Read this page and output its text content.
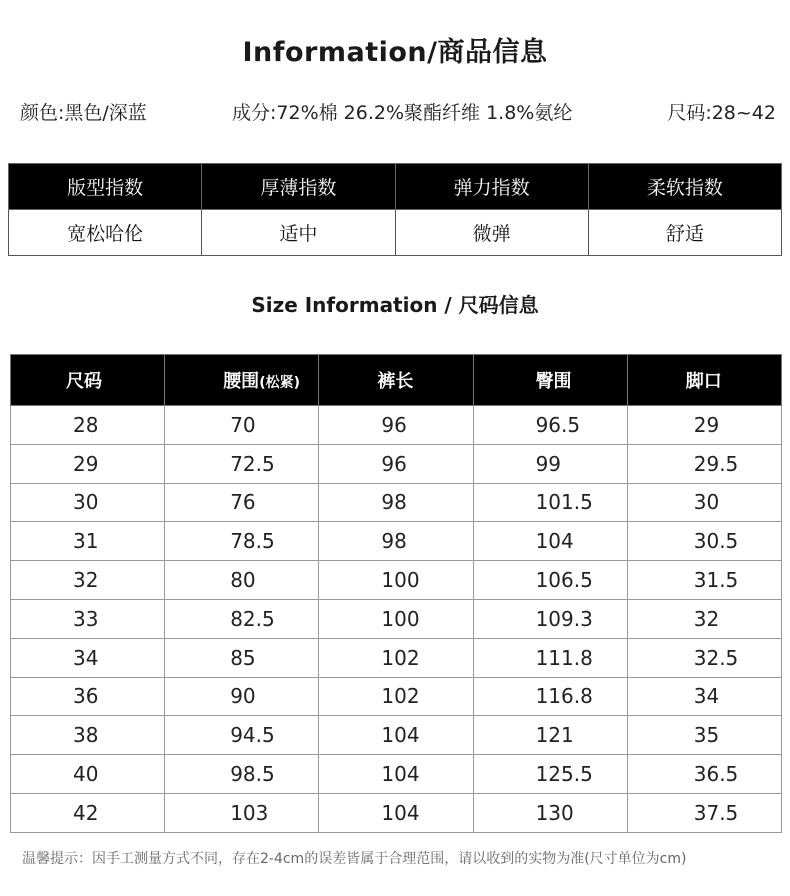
Information/商品信息
颜色:黑色/深蓝	成分:72%棉 26.2%聚酯纤维 1.8%氨纶	尺码:28~42
版型指数	厚薄指数	弹力指数	柔软指数
宽松哈伦	适中	微弹	舒适
Size Information / 尺码信息
尺码	腰围(松紧)	裤长	臀围	脚口
28	70	96	96.5	29
29	72.5	96	99	29.5
30	76	98	101.5	30
31	78.5	98	104	30.5
32	80	100	106.5	31.5
33	82.5	100	109.3	32
34	85	102	111.8	32.5
36	90	102	116.8	34
38	94.5	104	121	35
40	98.5	104	125.5	36.5
42	103	104	130	37.5
温馨提示：因手工测量方式不同，存在2-4cm的误差皆属于合理范围，请以收到的实物为准(尺寸单位为cm)
